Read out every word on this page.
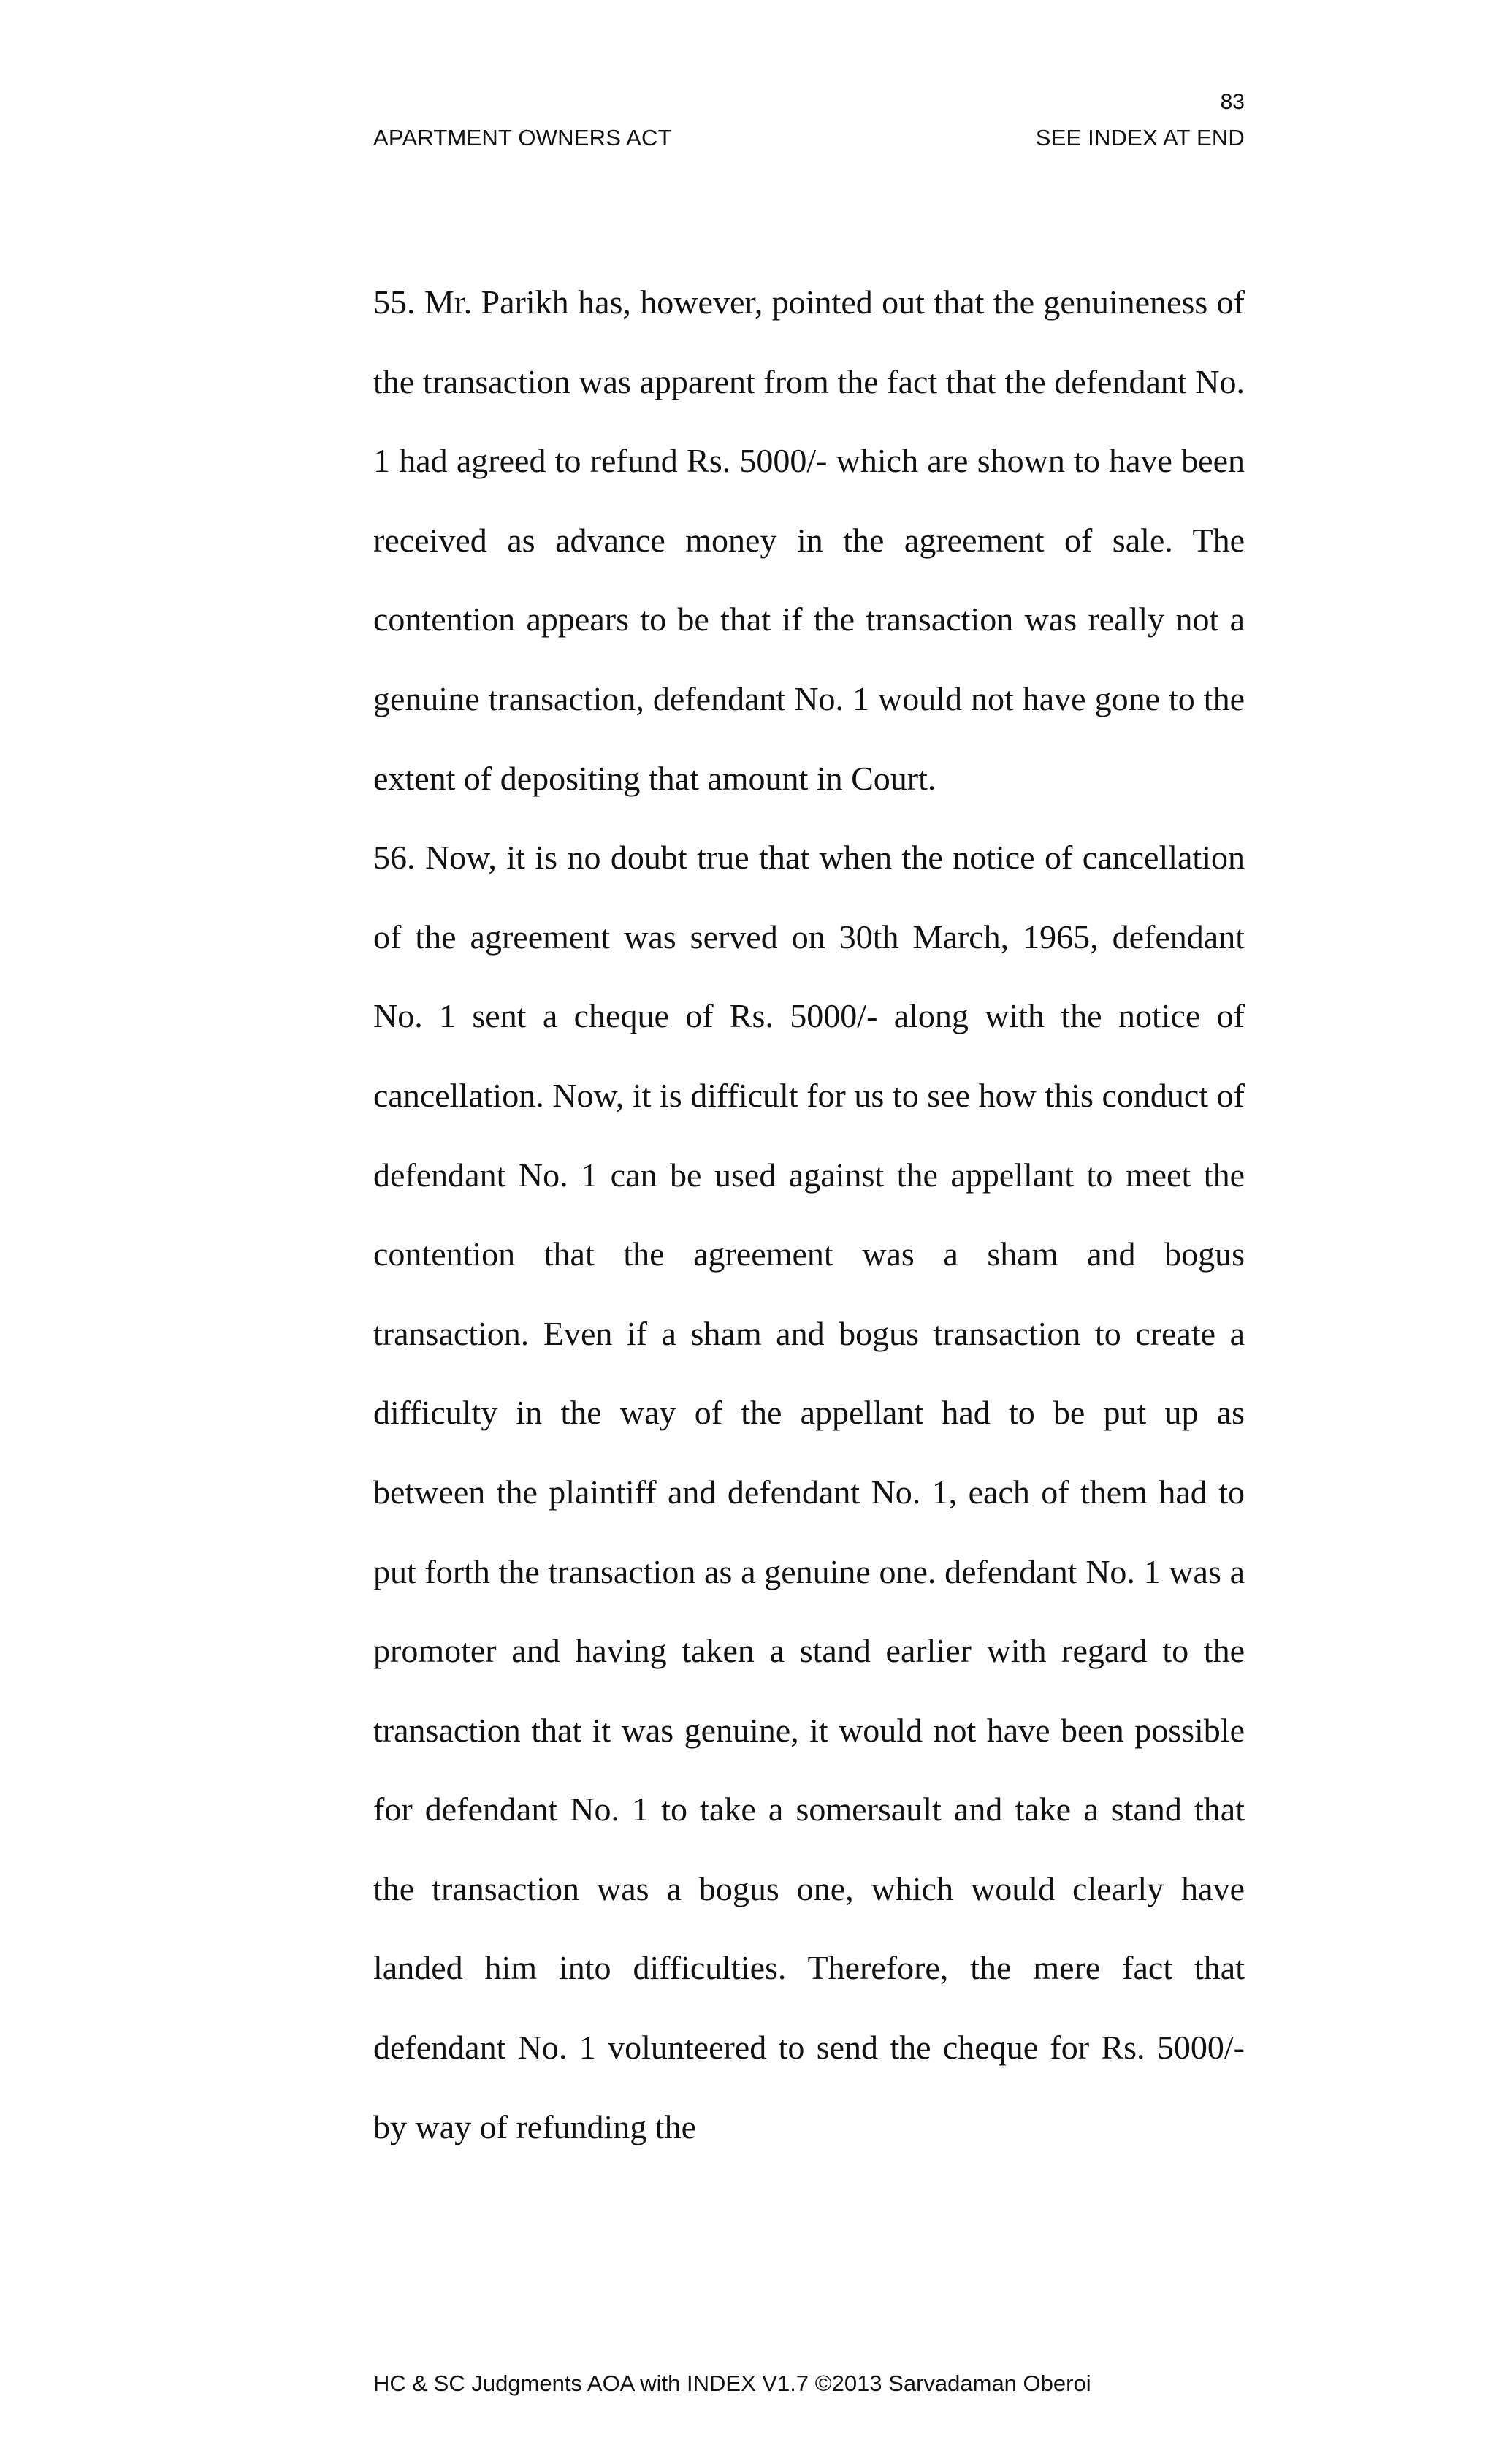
83
APARTMENT OWNERS ACT	SEE INDEX AT END

55. Mr. Parikh has, however, pointed out that the genuineness of the transaction was apparent from the fact that the defendant No. 1 had agreed to refund Rs. 5000/- which are shown to have been received as advance money in the agreement of sale. The contention appears to be that if the transaction was really not a genuine transaction, defendant No. 1 would not have gone to the extent of depositing that amount in Court.

56. Now, it is no doubt true that when the notice of cancellation of the agreement was served on 30th March, 1965, defendant No. 1 sent a cheque of Rs. 5000/- along with the notice of cancellation. Now, it is difficult for us to see how this conduct of defendant No. 1 can be used against the appellant to meet the contention that the agreement was a sham and bogus transaction. Even if a sham and bogus transaction to create a difficulty in the way of the appellant had to be put up as between the plaintiff and defendant No. 1, each of them had to put forth the transaction as a genuine one. defendant No. 1 was a promoter and having taken a stand earlier with regard to the transaction that it was genuine, it would not have been possible for defendant No. 1 to take a somersault and take a stand that the transaction was a bogus one, which would clearly have landed him into difficulties. Therefore, the mere fact that defendant No. 1 volunteered to send the cheque for Rs. 5000/- by way of refunding the

HC & SC Judgments AOA with INDEX V1.7 ©2013 Sarvadaman Oberoi
